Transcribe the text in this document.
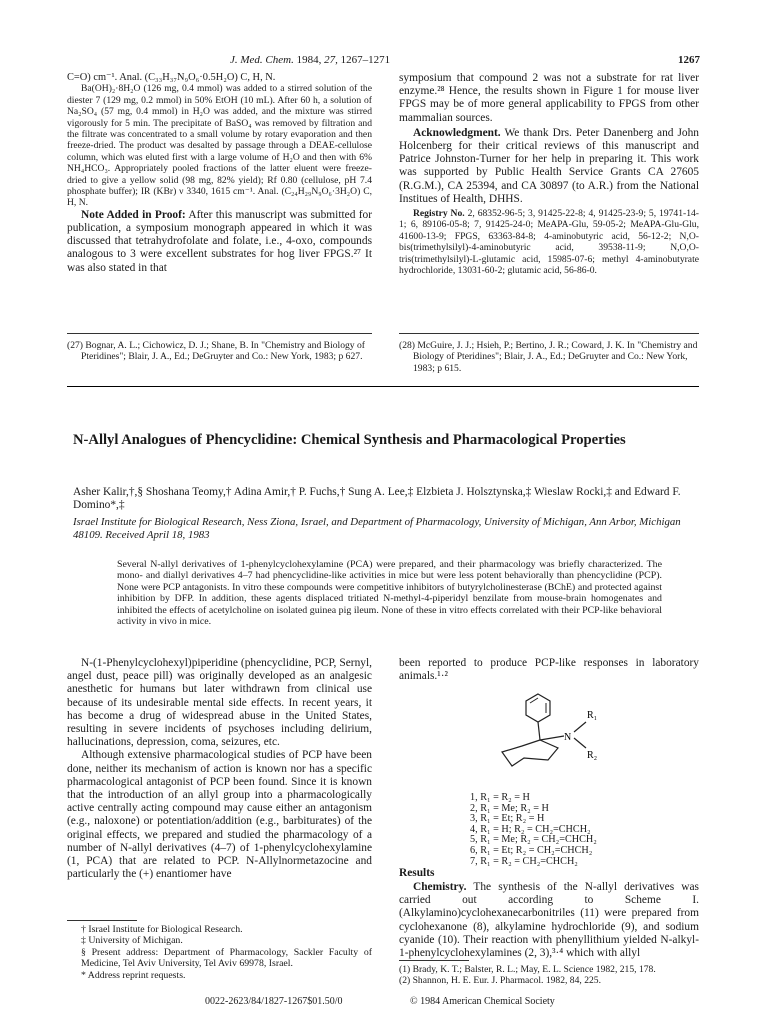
J. Med. Chem. 1984, 27, 1267–1271	1267

C=O) cm⁻¹. Anal. (C₃₃H₃₇N₉O₆·0.5H₂O) C, H, N.

Ba(OH)₂·8H₂O (126 mg, 0.4 mmol) was added to a stirred solution of the diester 7 (129 mg, 0.2 mmol) in 50% EtOH (10 mL). After 60 h, a solution of Na₂SO₄ (57 mg, 0.4 mmol) in H₂O was added, and the mixture was stirred vigorously for 5 min. The precipitate of BaSO₄ was removed by filtration and the filtrate was concentrated to a small volume by rotary evaporation and then freeze-dried. The product was desalted by passage through a DEAE-cellulose column, which was eluted first with a large volume of H₂O and then with 6% NH₄HCO₃. Appropriately pooled fractions of the latter eluent were freeze-dried to give a yellow solid (98 mg, 82% yield); Rf 0.80 (cellulose, pH 7.4 phosphate buffer); IR (KBr) ν 3340, 1615 cm⁻¹. Anal. (C₂₄H₂₉N₉O₆·3H₂O) C, H, N.

Note Added in Proof: After this manuscript was submitted for publication, a symposium monograph appeared in which it was discussed that tetrahydrofolate and folate, i.e., 4-oxo, compounds analogous to 3 were excellent substrates for hog liver FPGS.²⁷ It was also stated in that

symposium that compound 2 was not a substrate for rat liver enzyme.²⁸ Hence, the results shown in Figure 1 for mouse liver FPGS may be of more general applicability to FPGS from other mammalian sources.

Acknowledgment. We thank Drs. Peter Danenberg and John Holcenberg for their critical reviews of this manuscript and Patrice Johnston-Turner for her help in preparing it. This work was supported by Public Health Service Grants CA 27605 (R.G.M.), CA 25394, and CA 30897 (to A.R.) from the National Institues of Health, DHHS.

Registry No. 2, 68352-96-5; 3, 91425-22-8; 4, 91425-23-9; 5, 19741-14-1; 6, 89106-05-8; 7, 91425-24-0; MeAPA-Glu, 59-05-2; MeAPA-Glu-Glu, 41600-13-9; FPGS, 63363-84-8; 4-aminobutyric acid, 56-12-2; N,O-bis(trimethylsilyl)-4-aminobutyric acid, 39538-11-9; N,O,O-tris(trimethylsilyl)-L-glutamic acid, 15985-07-6; methyl 4-aminobutyrate hydrochloride, 13031-60-2; glutamic acid, 56-86-0.

(27) Bognar, A. L.; Cichowicz, D. J.; Shane, B. In "Chemistry and Biology of Pteridines"; Blair, J. A., Ed.; DeGruyter and Co.: New York, 1983; p 627.
(28) McGuire, J. J.; Hsieh, P.; Bertino, J. R.; Coward, J. K. In "Chemistry and Biology of Pteridines"; Blair, J. A., Ed.; DeGruyter and Co.: New York, 1983; p 615.
N-Allyl Analogues of Phencyclidine: Chemical Synthesis and Pharmacological Properties
Asher Kalir,†,§ Shoshana Teomy,† Adina Amir,† P. Fuchs,† Sung A. Lee,‡ Elzbieta J. Holsztynska,‡ Wieslaw Rocki,‡ and Edward F. Domino*,‡
Israel Institute for Biological Research, Ness Ziona, Israel, and Department of Pharmacology, University of Michigan, Ann Arbor, Michigan 48109. Received April 18, 1983
Several N-allyl derivatives of 1-phenylcyclohexylamine (PCA) were prepared, and their pharmacology was briefly characterized. The mono- and diallyl derivatives 4–7 had phencyclidine-like activities in mice but were less potent behaviorally than phencyclidine (PCP). None were PCP antagonists. In vitro these compounds were competitive inhibitors of butyrylcholinesterase (BChE) and protected against inhibition by DFP. In addition, these agents displaced tritiated N-methyl-4-piperidyl benzilate from mouse-brain homogenates and inhibited the effects of acetylcholine on isolated guinea pig ileum. None of these in vitro effects correlated with their PCP-like behavioral activity in vivo in mice.

N-(1-Phenylcyclohexyl)piperidine (phencyclidine, PCP, Sernyl, angel dust, peace pill) was originally developed as an analgesic anesthetic for humans but later withdrawn from clinical use because of its undesirable mental side effects. In recent years, it has become a drug of widespread abuse in the United States, resulting in severe incidents of psychoses including delirium, hallucinations, depression, coma, seizures, etc.

Although extensive pharmacological studies of PCP have been done, neither its mechanism of action is known nor has a specific pharmacological antagonist of PCP been found. Since it is known that the introduction of an allyl group into a pharmacologically active centrally acting compound may cause either an antagonism (e.g., naloxone) or potentiation/addition (e.g., barbiturates) of the original effects, we prepared and studied the pharmacology of a number of N-allyl derivatives (4–7) of 1-phenylcyclohexylamine (1, PCA) that are related to PCP. N-Allylnormetazocine and particularly the (+) enantiomer have

† Israel Institute for Biological Research.
‡ University of Michigan.
§ Present address: Department of Pharmacology, Sackler Faculty of Medicine, Tel Aviv University, Tel Aviv 69978, Israel.
* Address reprint requests.
been reported to produce PCP-like responses in laboratory animals.¹·²
N
R₁
R₂
1, R₁ = R₂ = H
2, R₁ = Me; R₂ = H
3, R₁ = Et; R₂ = H
4, R₁ = H; R₂ = CH₂=CHCH₂
5, R₁ = Me; R₂ = CH₂=CHCH₂
6, R₁ = Et; R₂ = CH₂=CHCH₂
7, R₁ = R₂ = CH₂=CHCH₂
Results
Chemistry. The synthesis of the N-allyl derivatives was carried out according to Scheme I. (Alkylamino)cyclohexanecarbonitriles (11) were prepared from cyclohexanone (8), alkylamine hydrochloride (9), and sodium cyanide (10). Their reaction with phenyllithium yielded N-alkyl-1-phenylcyclohexylamines (2, 3),³·⁴ which with allyl
(1) Brady, K. T.; Balster, R. L.; May, E. L. Science 1982, 215, 178.
(2) Shannon, H. E. Eur. J. Pharmacol. 1982, 84, 225.
0022-2623/84/1827-1267$01.50/0	© 1984 American Chemical Society
